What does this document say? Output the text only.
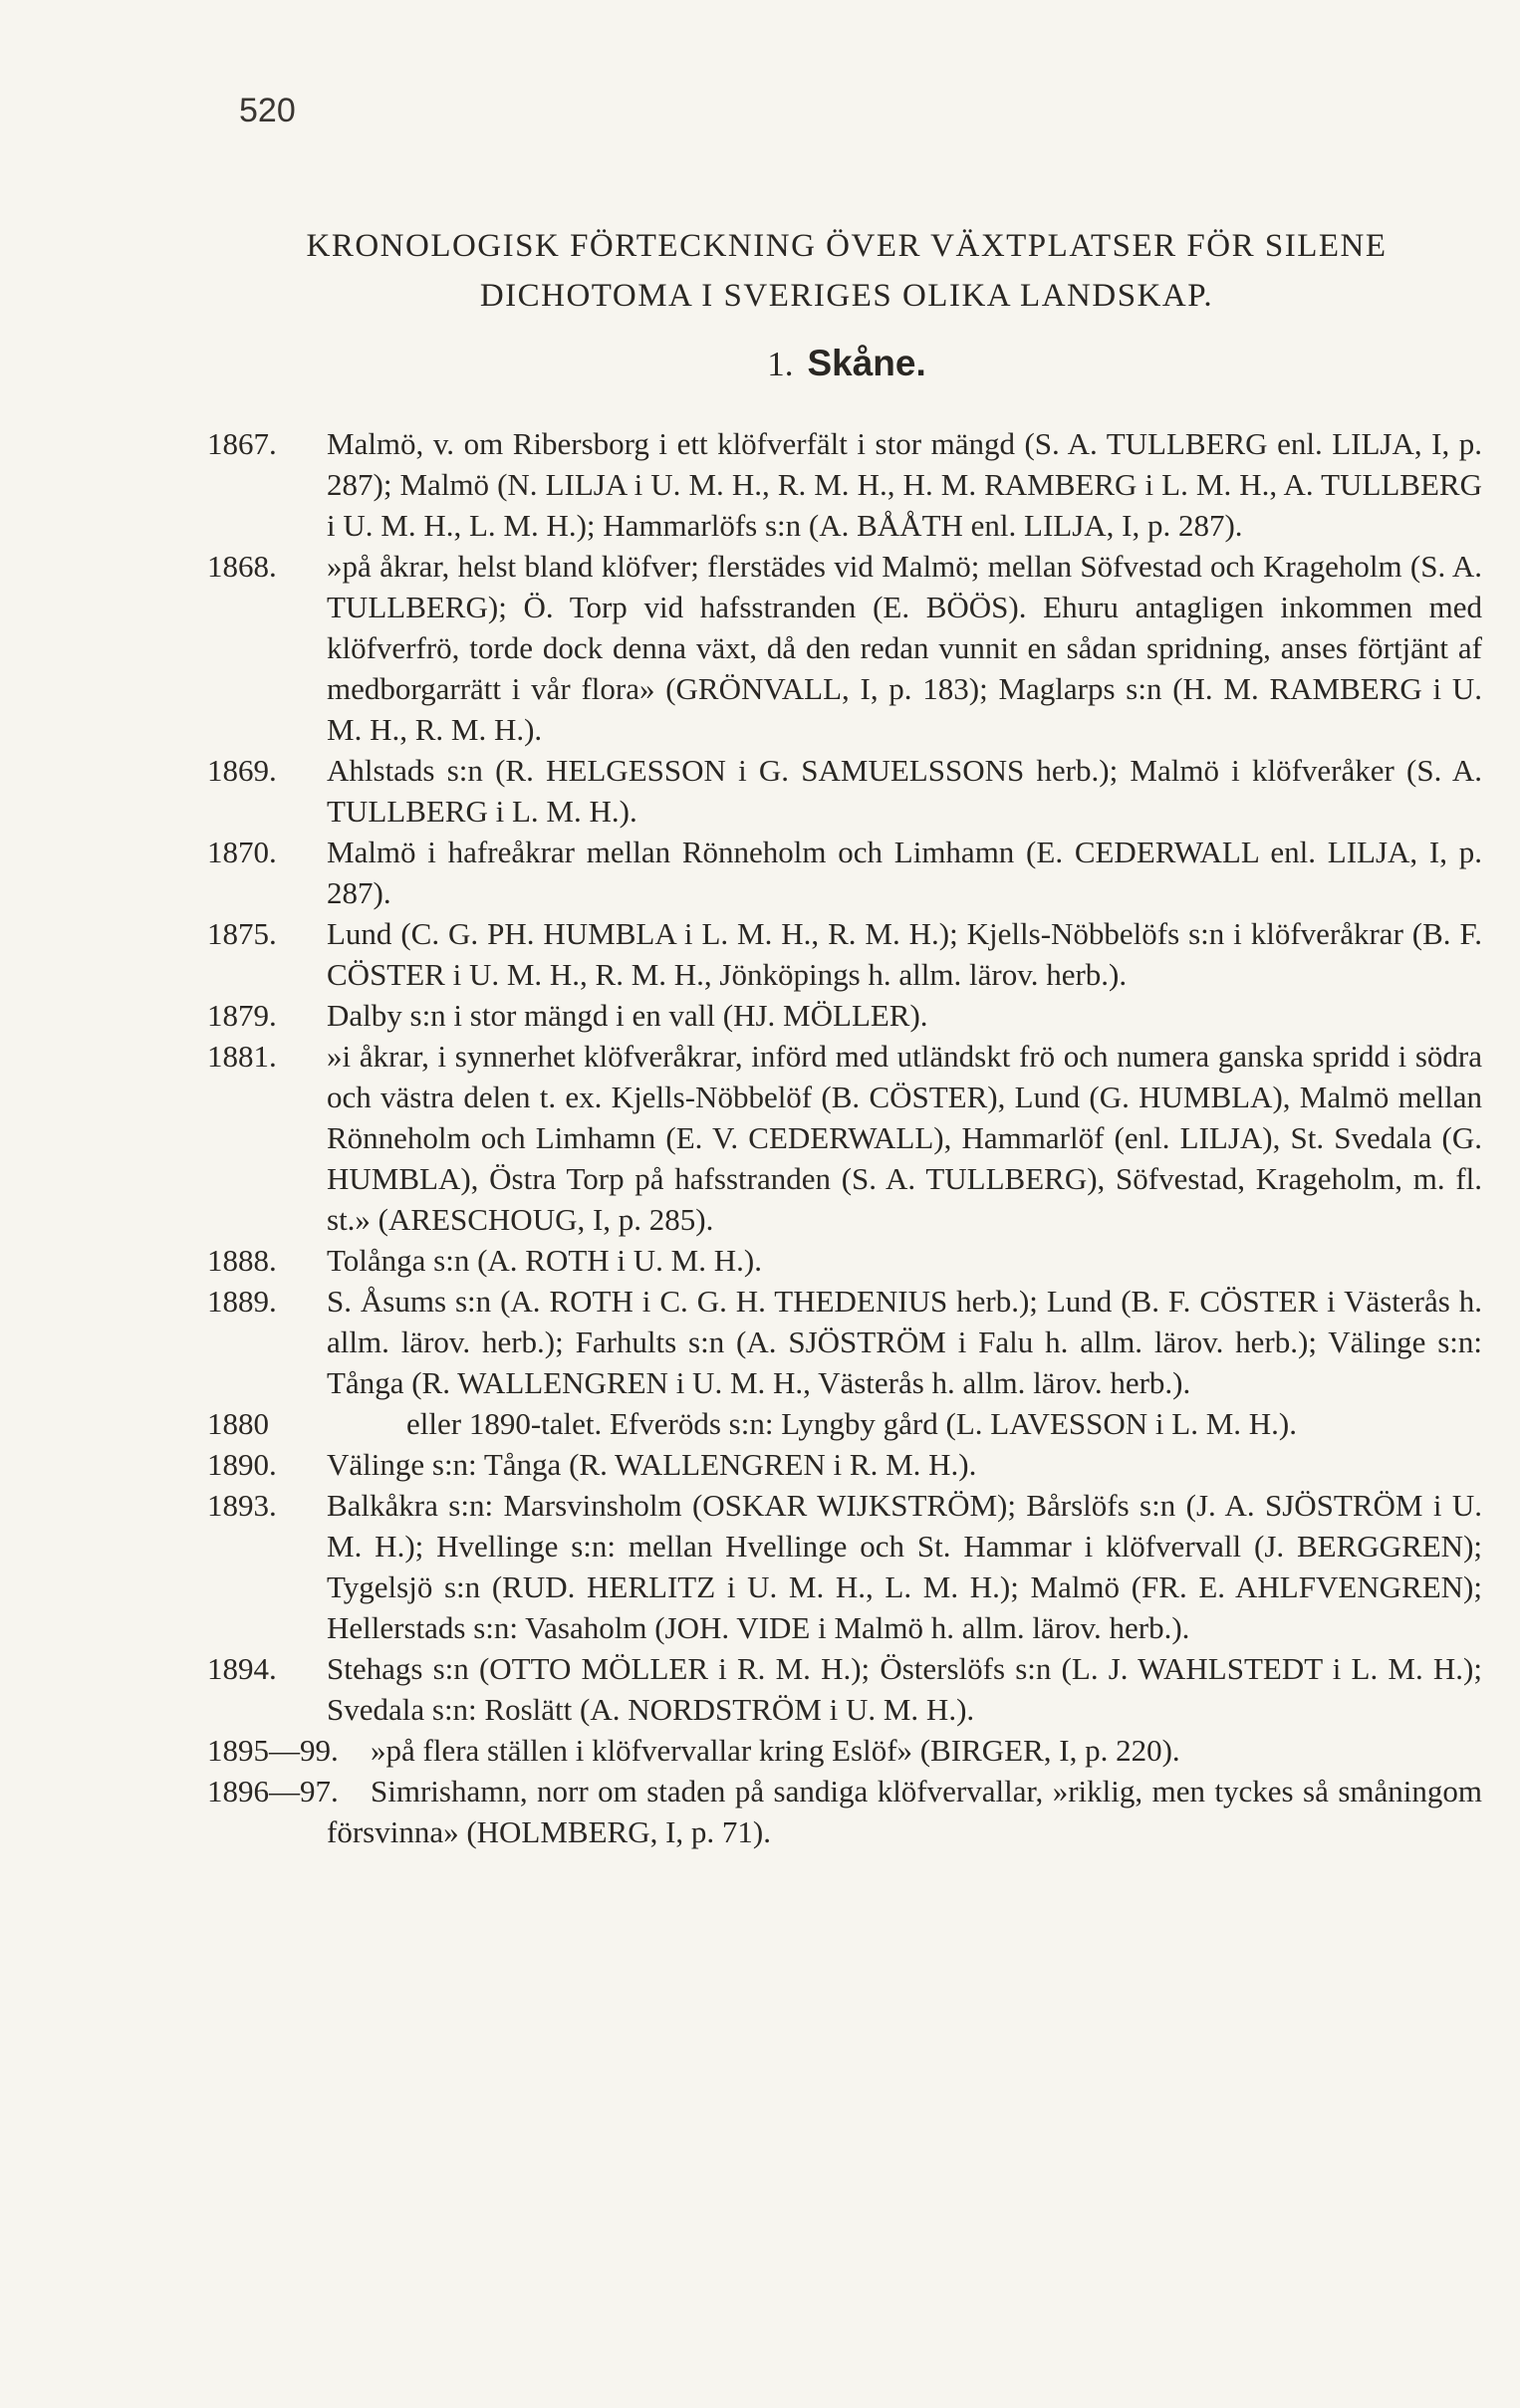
520
KRONOLOGISK FÖRTECKNING ÖVER VÄXTPLATSER FÖR SILENE
DICHOTOMA I SVERIGES OLIKA LANDSKAP.
1. Skåne.
1867. Malmö, v. om Ribersborg i ett klöfverfält i stor mängd (S. A. TULLBERG enl. LILJA, I, p. 287); Malmö (N. LILJA i U. M. H., R. M. H., H. M. RAMBERG i L. M. H., A. TULLBERG i U. M. H., L. M. H.); Hammarlöfs s:n (A. BÅÅTH enl. LILJA, I, p. 287).
1868. »på åkrar, helst bland klöfver; flerstädes vid Malmö; mellan Söfvestad och Krageholm (S. A. TULLBERG); Ö. Torp vid hafsstranden (E. BÖÖS). Ehuru antagligen inkommen med klöfverfrö, torde dock denna växt, då den redan vunnit en sådan spridning, anses förtjänt af medborgarrätt i vår flora» (GRÖNVALL, I, p. 183); Maglarps s:n (H. M. RAMBERG i U. M. H., R. M. H.).
1869. Ahlstads s:n (R. HELGESSON i G. SAMUELSSONS herb.); Malmö i klöfveråker (S. A. TULLBERG i L. M. H.).
1870. Malmö i hafreåkrar mellan Rönneholm och Limhamn (E. CEDERWALL enl. LILJA, I, p. 287).
1875. Lund (C. G. PH. HUMBLA i L. M. H., R. M. H.); Kjells-Nöbbelöfs s:n i klöfveråkrar (B. F. CÖSTER i U. M. H., R. M. H., Jönköpings h. allm. lärov. herb.).
1879. Dalby s:n i stor mängd i en vall (HJ. MÖLLER).
1881. »i åkrar, i synnerhet klöfveråkrar, införd med utländskt frö och numera ganska spridd i södra och västra delen t. ex. Kjells-Nöbbelöf (B. CÖSTER), Lund (G. HUMBLA), Malmö mellan Rönneholm och Limhamn (E. V. CEDERWALL), Hammarlöf (enl. LILJA), St. Svedala (G. HUMBLA), Östra Torp på hafsstranden (S. A. TULLBERG), Söfvestad, Krageholm, m. fl. st.» (ARESCHOUG, I, p. 285).
1888. Tolånga s:n (A. ROTH i U. M. H.).
1889. S. Åsums s:n (A. ROTH i C. G. H. THEDENIUS herb.); Lund (B. F. CÖSTER i Västerås h. allm. lärov. herb.); Farhults s:n (A. SJÖSTRÖM i Falu h. allm. lärov. herb.); Välinge s:n: Tånga (R. WALLENGREN i U. M. H., Västerås h. allm. lärov. herb.).
1880	eller 1890-talet. Efveröds s:n: Lyngby gård (L. LAVESSON i L. M. H.).
1890. Välinge s:n: Tånga (R. WALLENGREN i R. M. H.).
1893. Balkåkra s:n: Marsvinsholm (OSKAR WIJKSTRÖM); Bårslöfs s:n (J. A. SJÖSTRÖM i U. M. H.); Hvellinge s:n: mellan Hvellinge och St. Hammar i klöfvervall (J. BERGGREN); Tygelsjö s:n (RUD. HERLITZ i U. M. H., L. M. H.); Malmö (FR. E. AHLFVENGREN); Hellerstads s:n: Vasaholm (JOH. VIDE i Malmö h. allm. lärov. herb.).
1894. Stehags s:n (OTTO MÖLLER i R. M. H.); Österslöfs s:n (L. J. WAHLSTEDT i L. M. H.); Svedala s:n: Roslätt (A. NORDSTRÖM i U. M. H.).
1895—99.	»på flera ställen i klöfvervallar kring Eslöf» (BIRGER, I, p. 220).
1896—97.	Simrishamn, norr om staden på sandiga klöfvervallar, »riklig, men tyckes så småningom försvinna» (HOLMBERG, I, p. 71).
